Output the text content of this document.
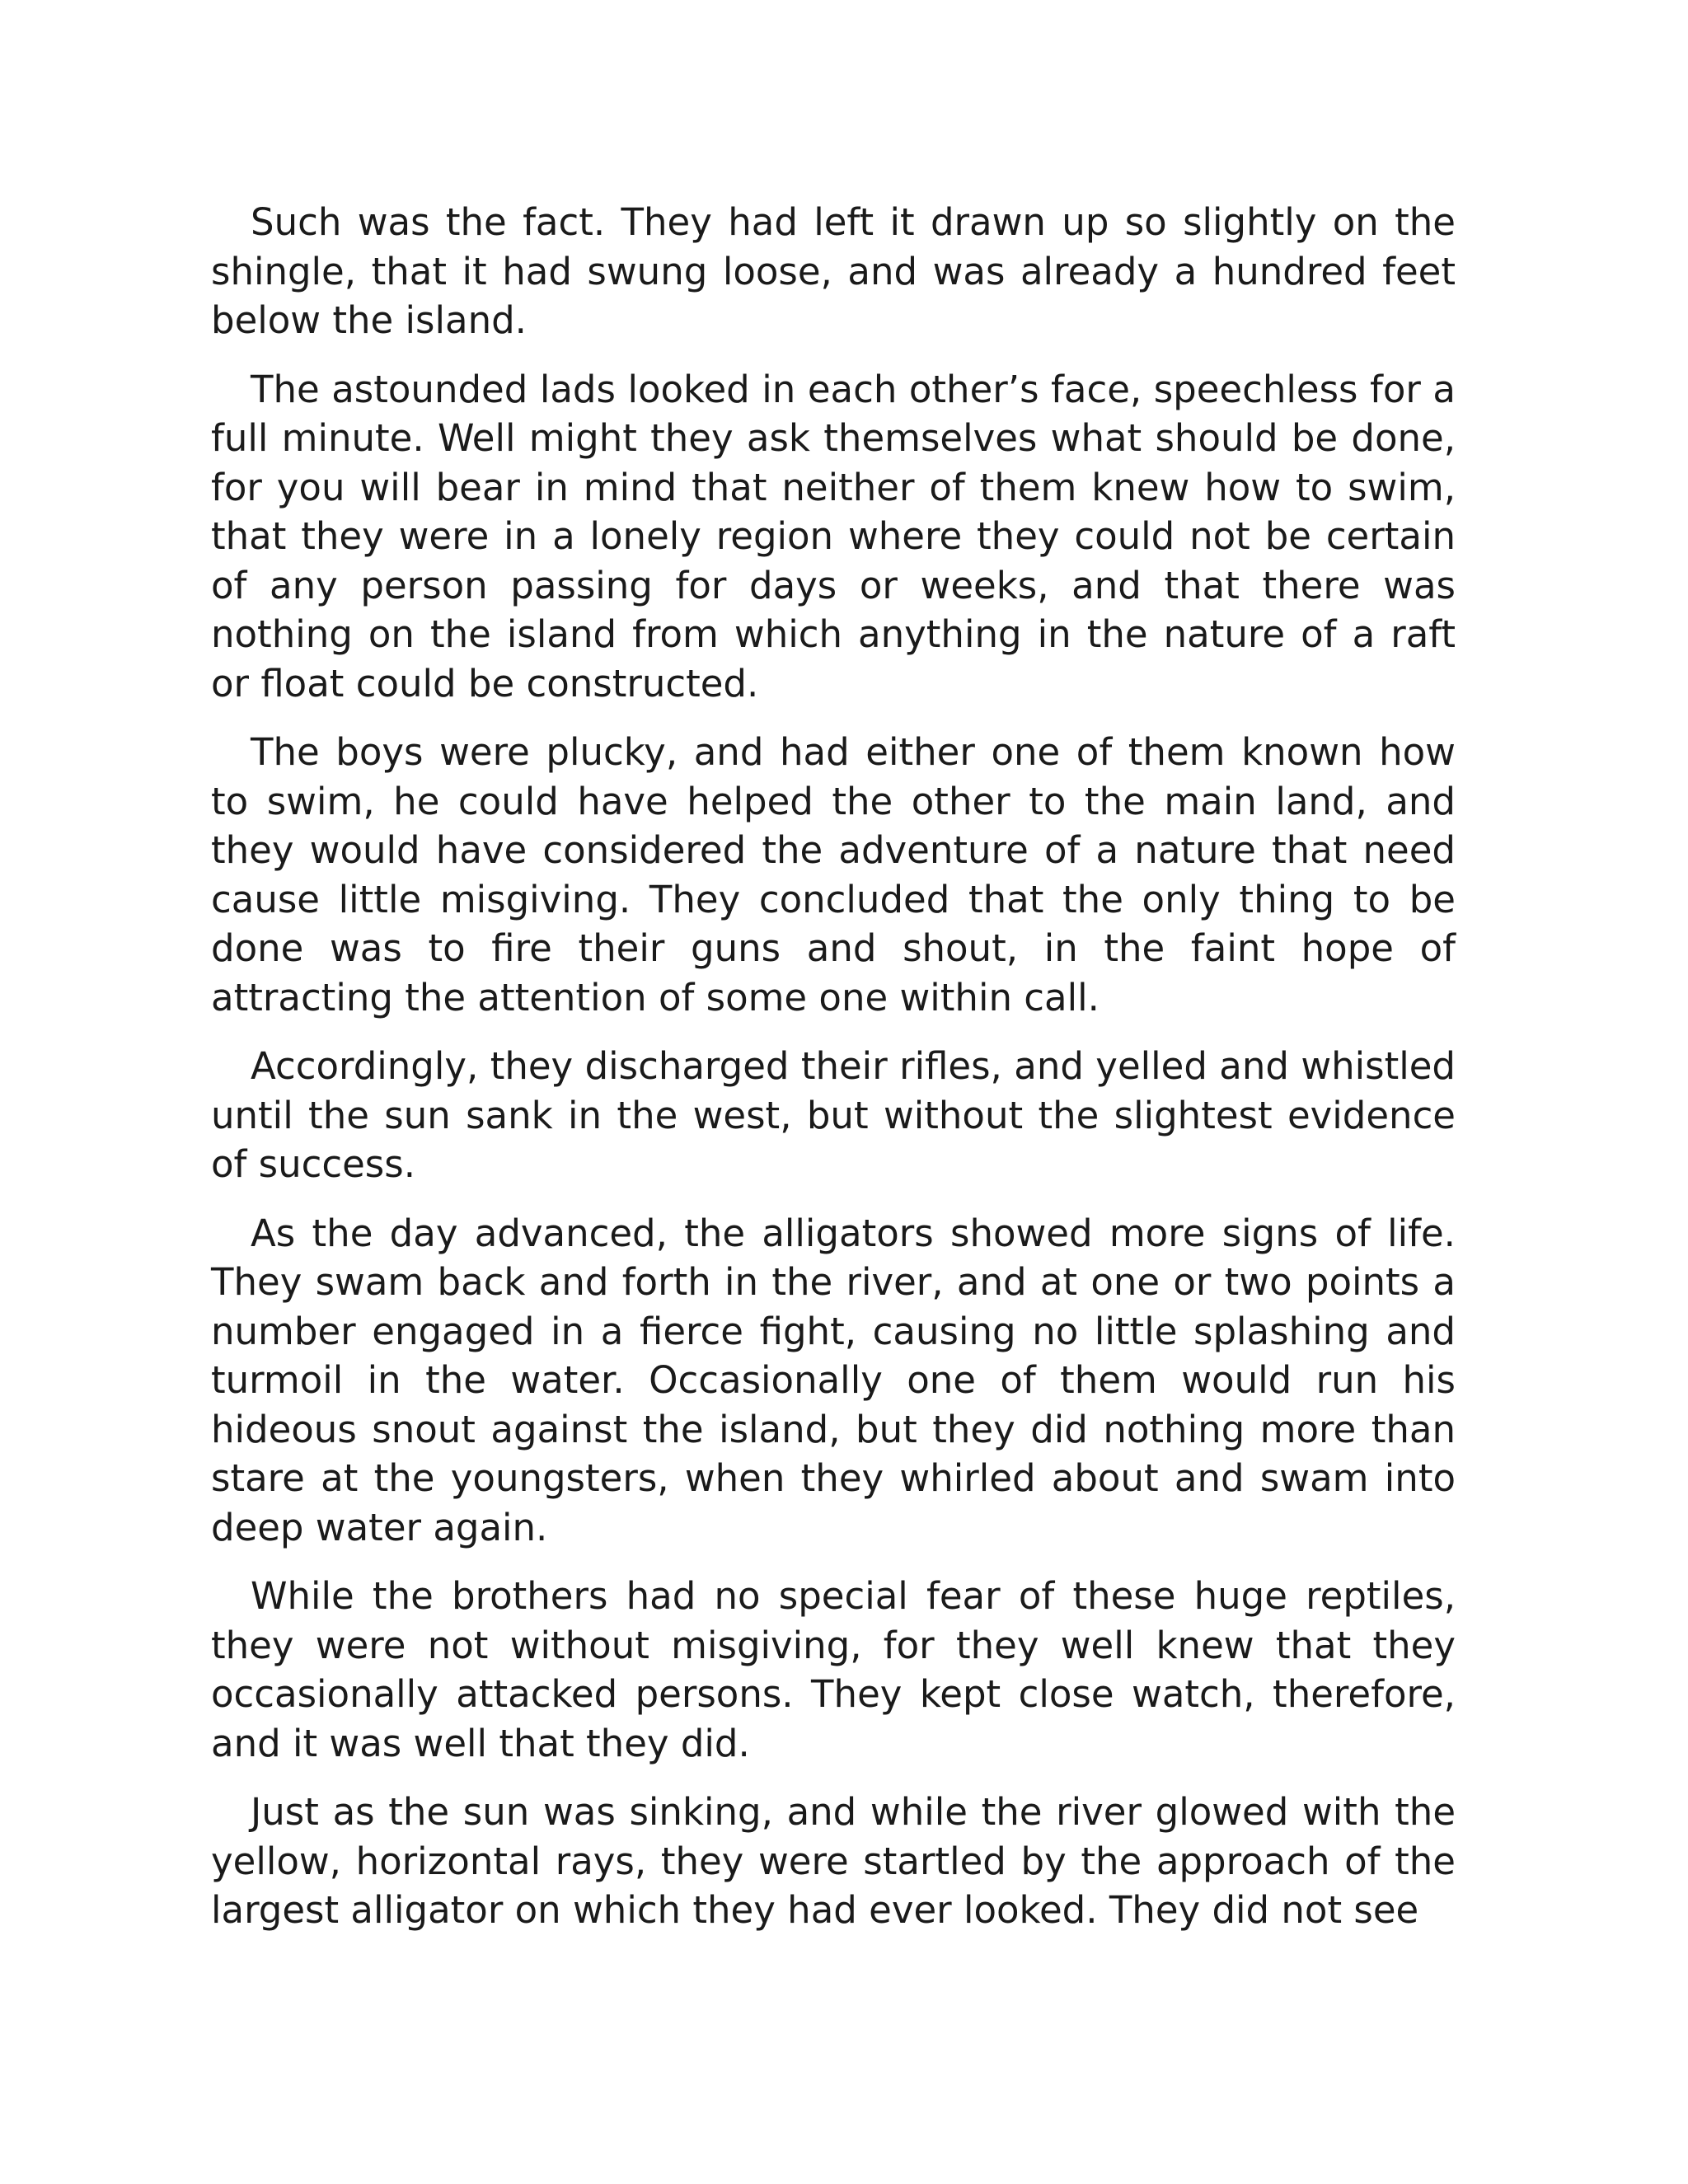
Such was the fact. They had left it drawn up so slightly on the shingle, that it had swung loose, and was already a hundred feet below the island.

The astounded lads looked in each other’s face, speechless for a full minute. Well might they ask themselves what should be done, for you will bear in mind that neither of them knew how to swim, that they were in a lonely region where they could not be certain of any person passing for days or weeks, and that there was nothing on the island from which anything in the nature of a raft or float could be constructed.

The boys were plucky, and had either one of them known how to swim, he could have helped the other to the main land, and they would have considered the adventure of a nature that need cause little misgiving. They concluded that the only thing to be done was to fire their guns and shout, in the faint hope of attracting the attention of some one within call.

Accordingly, they discharged their rifles, and yelled and whistled until the sun sank in the west, but without the slightest evidence of success.

As the day advanced, the alligators showed more signs of life. They swam back and forth in the river, and at one or two points a number engaged in a fierce fight, causing no little splashing and turmoil in the water. Occasionally one of them would run his hideous snout against the island, but they did nothing more than stare at the youngsters, when they whirled about and swam into deep water again.

While the brothers had no special fear of these huge reptiles, they were not without misgiving, for they well knew that they occasionally attacked persons. They kept close watch, therefore, and it was well that they did.

Just as the sun was sinking, and while the river glowed with the yellow, horizontal rays, they were startled by the approach of the largest alligator on which they had ever looked. They did not see
